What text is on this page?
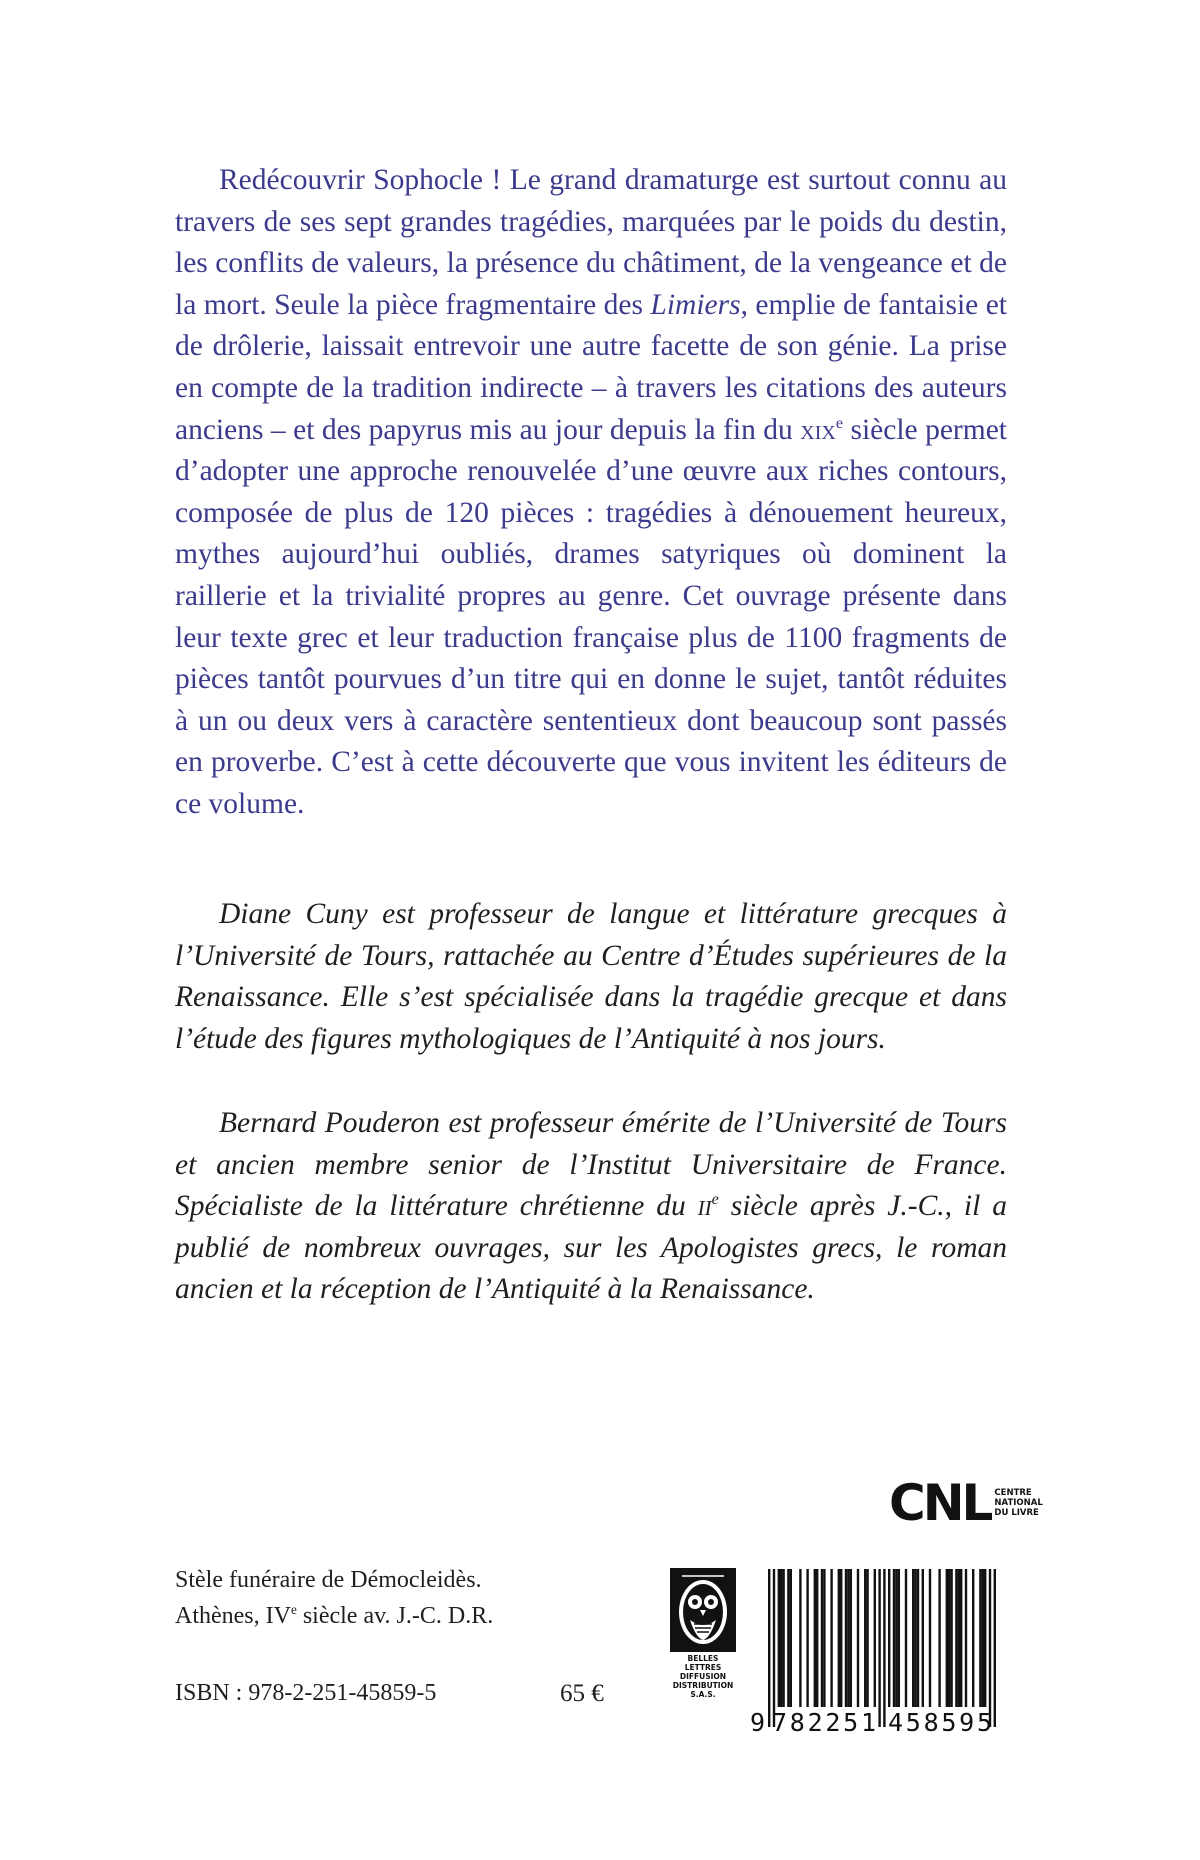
Redécouvrir Sophocle ! Le grand dramaturge est surtout connu au travers de ses sept grandes tragédies, marquées par le poids du destin, les conflits de valeurs, la présence du châtiment, de la vengeance et de la mort. Seule la pièce fragmentaire des Limiers, emplie de fantaisie et de drôlerie, laissait entrevoir une autre facette de son génie. La prise en compte de la tradition indirecte – à travers les citations des auteurs anciens – et des papyrus mis au jour depuis la fin du xix$^e$ siècle permet d’adopter une approche renouvelée d’une œuvre aux riches contours, composée de plus de 120 pièces : tragédies à dénouement heureux, mythes aujourd’hui oubliés, drames satyriques où dominent la raillerie et la trivialité propres au genre. Cet ouvrage présente dans leur texte grec et leur traduction française plus de 1100 fragments de pièces tantôt pourvues d’un titre qui en donne le sujet, tantôt réduites à un ou deux vers à caractère sententieux dont beaucoup sont passés en proverbe. C’est à cette découverte que vous invitent les éditeurs de ce volume.

Diane Cuny est professeur de langue et littérature grecques à l’Université de Tours, rattachée au Centre d’Études supérieures de la Renaissance. Elle s’est spécialisée dans la tragédie grecque et dans l’étude des figures mythologiques de l’Antiquité à nos jours.

Bernard Pouderon est professeur émérite de l’Université de Tours et ancien membre senior de l’Institut Universitaire de France. Spécialiste de la littérature chrétienne du $ii^e$ siècle après J.-C., il a publié de nombreux ouvrages, sur les Apologistes grecs, le roman ancien et la réception de l’Antiquité à la Renaissance.

CNL CENTRE
NATIONAL
DU LIVRE
Stèle funéraire de Démocleidès.
Athènes, IVe siècle av. J.-C. D.R.
ISBN : 978-2-251-45859-5	65 €
BELLES LETTRES
DIFFUSION
DISTRIBUTION
S.A.S.
9 782251 458595
